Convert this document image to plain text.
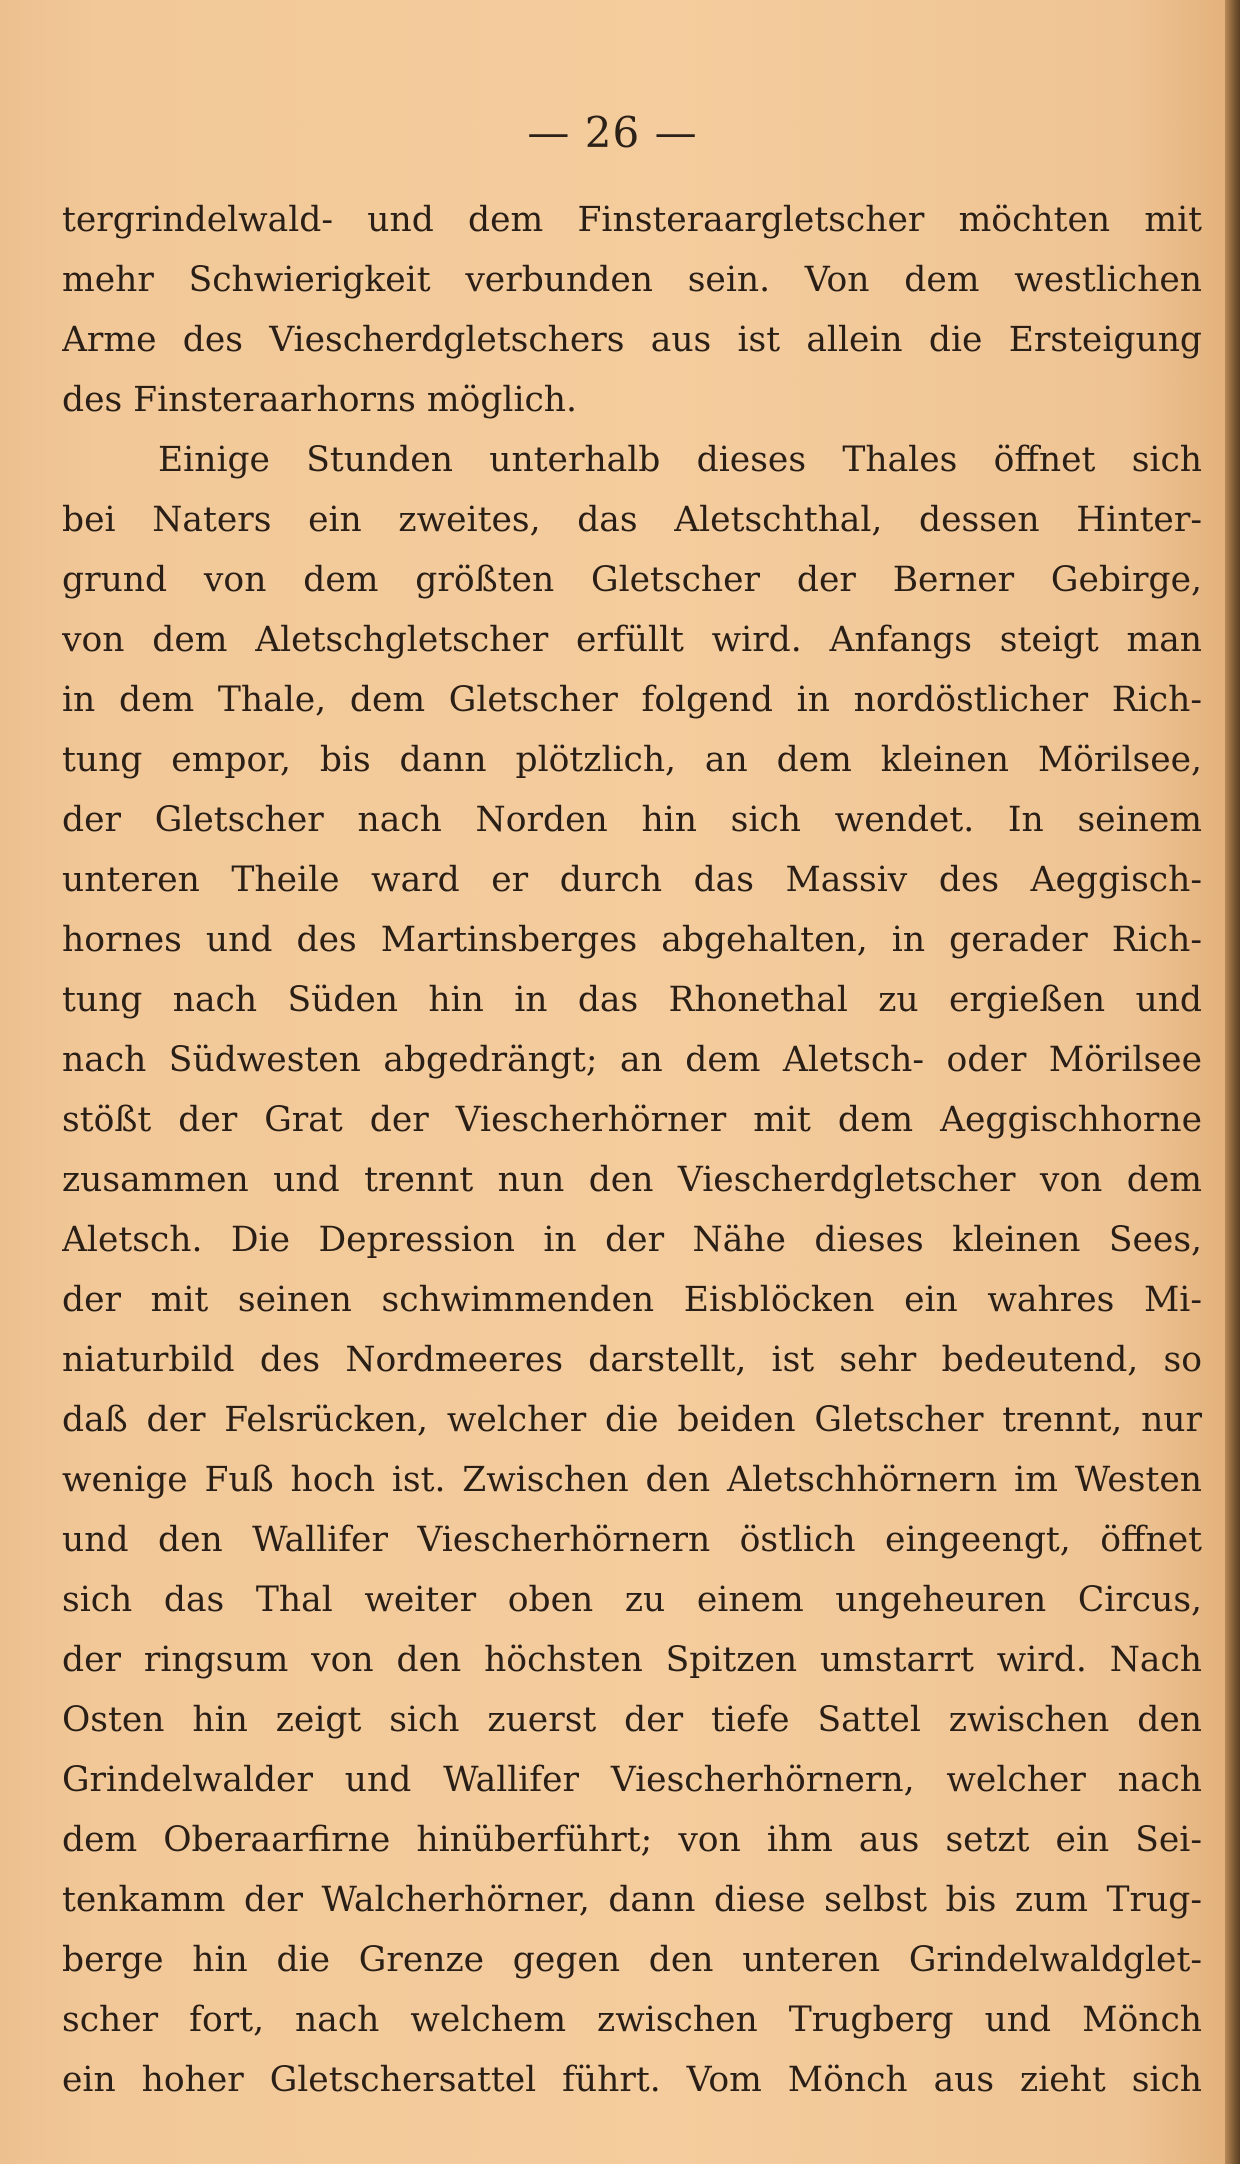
— 26 —
tergrindelwald- und dem Finsteraargletscher möchten mit
mehr Schwierigkeit verbunden sein. Von dem westlichen
Arme des Viescherdgletschers aus ist allein die Ersteigung
des Finsteraarhorns möglich.
Einige Stunden unterhalb dieses Thales öffnet sich
bei Naters ein zweites, das Aletschthal, dessen Hinter-
grund von dem größten Gletscher der Berner Gebirge,
von dem Aletschgletscher erfüllt wird. Anfangs steigt man
in dem Thale, dem Gletscher folgend in nordöstlicher Rich-
tung empor, bis dann plötzlich, an dem kleinen Mörilsee,
der Gletscher nach Norden hin sich wendet. In seinem
unteren Theile ward er durch das Massiv des Aeggisch-
hornes und des Martinsberges abgehalten, in gerader Rich-
tung nach Süden hin in das Rhonethal zu ergießen und
nach Südwesten abgedrängt; an dem Aletsch- oder Mörilsee
stößt der Grat der Viescherhörner mit dem Aeggischhorne
zusammen und trennt nun den Viescherdgletscher von dem
Aletsch. Die Depression in der Nähe dieses kleinen Sees,
der mit seinen schwimmenden Eisblöcken ein wahres Mi-
niaturbild des Nordmeeres darstellt, ist sehr bedeutend, so
daß der Felsrücken, welcher die beiden Gletscher trennt, nur
wenige Fuß hoch ist. Zwischen den Aletschhörnern im Westen
und den Wallifer Viescherhörnern östlich eingeengt, öffnet
sich das Thal weiter oben zu einem ungeheuren Circus,
der ringsum von den höchsten Spitzen umstarrt wird. Nach
Osten hin zeigt sich zuerst der tiefe Sattel zwischen den
Grindelwalder und Wallifer Viescherhörnern, welcher nach
dem Oberaarfirne hinüberführt; von ihm aus setzt ein Sei-
tenkamm der Walcherhörner, dann diese selbst bis zum Trug-
berge hin die Grenze gegen den unteren Grindelwaldglet-
scher fort, nach welchem zwischen Trugberg und Mönch
ein hoher Gletschersattel führt. Vom Mönch aus zieht sich
